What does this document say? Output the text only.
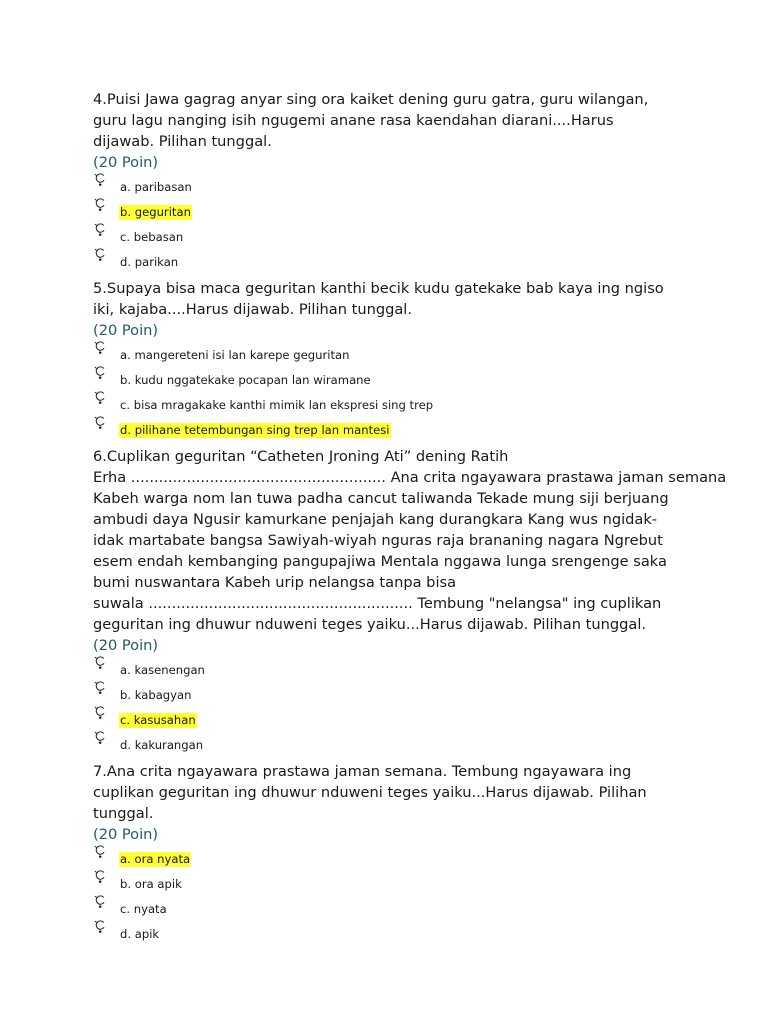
4.Puisi Jawa gagrag anyar sing ora kaiket dening guru gatra, guru wilangan,
guru lagu nanging isih ngugemi anane rasa kaendahan diarani....Harus
dijawab. Pilihan tunggal.

(20 Poin)
a. paribasan
b. geguritan
c. bebasan
d. parikan

5.Supaya bisa maca geguritan kanthi becik kudu gatekake bab kaya ing ngiso
iki, kajaba....Harus dijawab. Pilihan tunggal.

(20 Poin)
a. mangereteni isi lan karepe geguritan
b. kudu nggatekake pocapan lan wiramane
c. bisa mragakake kanthi mimik lan ekspresi sing trep
d. pilihane tetembungan sing trep lan mantesi

6.Cuplikan geguritan “Catheten Jroning Ati” dening Ratih
Erha ....................................................... Ana crita ngayawara prastawa jaman semana
Kabeh warga nom lan tuwa padha cancut taliwanda Tekade mung siji berjuang
ambudi daya Ngusir kamurkane penjajah kang durangkara Kang wus ngidak-
idak martabate bangsa Sawiyah-wiyah nguras raja brananing nagara Ngrebut
esem endah kembanging pangupajiwa Mentala nggawa lunga srengenge saka
bumi nuswantara Kabeh urip nelangsa tanpa bisa
suwala ......................................................... Tembung "nelangsa" ing cuplikan
geguritan ing dhuwur nduweni teges yaiku...Harus dijawab. Pilihan tunggal.

(20 Poin)
a. kasenengan
b. kabagyan
c. kasusahan
d. kakurangan

7.Ana crita ngayawara prastawa jaman semana. Tembung ngayawara ing
cuplikan geguritan ing dhuwur nduweni teges yaiku...Harus dijawab. Pilihan
tunggal.

(20 Poin)
a. ora nyata
b. ora apik
c. nyata
d. apik
